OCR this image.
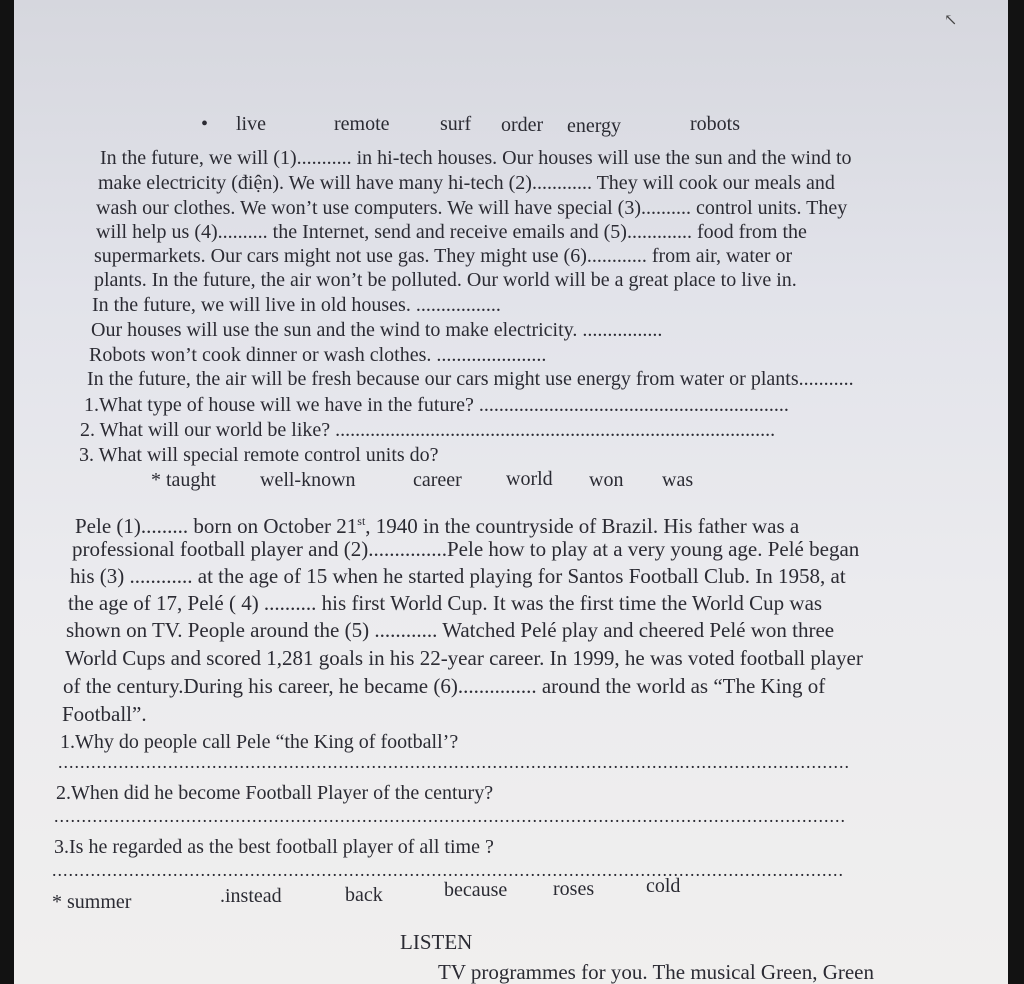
↖
• live	remote	surf order energy	robots
In the future, we will (1)........... in hi-tech houses. Our houses will use the sun and the wind to
make electricity (điện). We will have many hi-tech (2)............ They will cook our meals and
wash our clothes. We won’t use computers. We will have special (3).......... control units. They
will help us (4).......... the Internet, send and receive emails and (5)............. food from the
supermarkets. Our cars might not use gas. They might use (6)............ from air, water or
plants. In the future, the air won’t be polluted. Our world will be a great place to live in.
In the future, we will live in old houses. .................
Our houses will use the sun and the wind to make electricity. ................
Robots won’t cook dinner or wash clothes. ......................
In the future, the air will be fresh because our cars might use energy from water or plants...........
1.What type of house will we have in the future? ..............................................................
2. What will our world be like? ........................................................................................
3. What will special remote control units do?
* taught well-known	career world won was
Pele (1)......... born on October 21st, 1940 in the countryside of Brazil. His father was a
professional football player and (2)...............Pele how to play at a very young age. Pelé began
his (3) ............ at the age of 15 when he started playing for Santos Football Club. In 1958, at
the age of 17, Pelé ( 4) .......... his first World Cup. It was the first time the World Cup was
shown on TV. People around the (5) ............ Watched Pelé play and cheered Pelé won three
World Cups and scored 1,281 goals in his 22-year career. In 1999, he was voted football player
of the century.During his career, he became (6)............... around the world as “The King of
Football”.
1.Why do people call Pele “the King of football’?
................................................................................................................................................
2.When did he become Football Player of the century?
................................................................................................................................................
3.Is he regarded as the best football player of all time ?
................................................................................................................................................
* summer	.instead	back	because roses	cold
LISTEN
TV programmes for you. The musical Green, Green
